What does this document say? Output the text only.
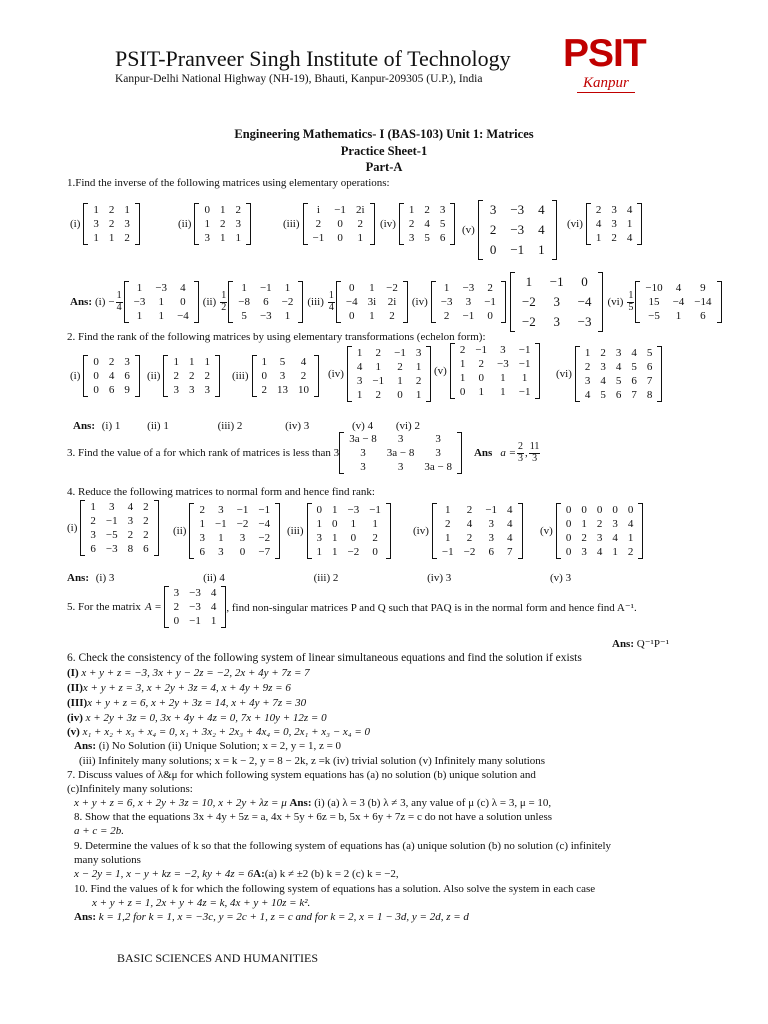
PSIT-Pranveer Singh Institute of Technology
Kanpur-Delhi National Highway (NH-19), Bhauti, Kanpur-209305 (U.P.), India
PSIT
Kanpur
Engineering Mathematics- I (BAS-103) Unit 1: Matrices
Practice Sheet-1
Part-A
1.Find the inverse of the following matrices using elementary operations:
(i)
1	2	1
3	2	3
1	1	2
(ii)
0	1	2
1	2	3
3	1	1
(iii)
i	−1	2i
2	0	2
−1	0	1
(iv)
1	2	3
2	4	5
3	5	6
(v)
3	−3	4
2	−3	4
0	−1	1
(vi)
2	3	4
4	3	1
1	2	4
Ans: $(i) - \frac{1}{4}$
1	−3	4
−3	1	0
1	1	−4
$(ii) \frac{1}{2}$
1	−1	1
−8	6	−2
5	−3	1
$(iii) \frac{1}{4}$
0	1	−2
−4	3i	2i
0	1	2
(iv)
1	−3	2
−3	3	−1
2	−1	0
1	−1	0
−2	3	−4
−2	3	−3
$(vi) \frac{1}{5}$
−10	4	9
15	−4	−14
−5	1	6
2. Find the rank of the following matrices by using elementary transformations (echelon form):
(i)
0	2	3
0	4	6
0	6	9
(ii)
1	1	1
2	2	2
3	3	3
(iii)
1	5	4
0	3	2
2	13	10
(iv)
1	2	−1	3
4	1	2	1
3	−1	1	2
1	2	0	1
(v)
2	−1	3	−1
1	2	−3	−1
1	0	1	1
0	1	1	−1
(vi)
1	2	3	4	5
2	3	4	5	6
3	4	5	6	7
4	5	6	7	8
Ans: (i) 1 (ii) 1	(iii) 2	(iv) 3	(v) 4 (vi) 2
3. Find the value of a for which rank of matrices is less than 3
3a − 8	3	3
3	3a − 8	3
3	3	3a − 8
Ans $a = \frac{2}{3}$ , $\frac{11}{3}$
4. Reduce the following matrices to normal form and hence find rank:
(i)
1	3	4	2
2	−1	3	2
3	−5	2	2
6	−3	8	6
(ii)
2	3	−1	−1
1	−1	−2	−4
3	1	3	−2
6	3	0	−7
(iii)
0	1	−3	−1
1	0	1	1
3	1	0	2
1	1	−2	0
(iv)
1	2	−1	4
2	4	3	4
1	2	3	4
−1	−2	6	7
(v)
0	0	0	0	0
0	1	2	3	4
0	2	3	4	1
0	3	4	1	2
Ans: (i) 3	(ii) 4	(iii) 2	(iv) 3	(v) 3
5. For the matrix A =
3	−3	4
2	−3	4
0	−1	1
, find non-singular matrices P and Q such that PAQ is in the normal form and hence find A⁻¹.
Ans: Q⁻¹P⁻¹
6. Check the consistency of the following system of linear simultaneous equations and find the solution if exists
(I) x + y + z = −3, 3x + y − 2z = −2, 2x + 4y + 7z = 7
(II)x + y + z = 3, x + 2y + 3z = 4, x + 4y + 9z = 6
(III)x + y + z = 6, x + 2y + 3z = 14, x + 4y + 7z = 30
(iv) x + 2y + 3z = 0, 3x + 4y + 4z = 0, 7x + 10y + 12z = 0
(v) x₁ + x₂ + x₃ + x₄ = 0, x₁ + 3x₂ + 2x₃ + 4x₄ = 0, 2x₁ + x₃ − x₄ = 0
Ans: (i) No Solution (ii) Unique Solution; x = 2, y = 1, z = 0
(iii) Infinitely many solutions; x = k − 2, y = 8 − 2k, z =k (iv) trivial solution (v) Infinitely many solutions
7. Discuss values of λ&μ for which following system equations has (a) no solution (b) unique solution and
(c)Infinitely many solutions:
x + y + z = 6, x + 2y + 3z = 10, x + 2y + λz = μ Ans: (i) (a) λ = 3 (b) λ ≠ 3, any value of μ (c) λ = 3, μ = 10,
8. Show that the equations 3x + 4y + 5z = a, 4x + 5y + 6z = b, 5x + 6y + 7z = c do not have a solution unless
a + c = 2b.
9. Determine the values of k so that the following system of equations has (a) unique solution (b) no solution (c) infinitely
many solutions
x − 2y = 1, x − y + kz = −2, ky + 4z = 6A:(a) k ≠ ±2 (b) k = 2 (c) k = −2,
10. Find the values of k for which the following system of equations has a solution. Also solve the system in each case
x + y + z = 1, 2x + y + 4z = k, 4x + y + 10z = k².
Ans: k = 1,2 for k = 1, x = −3c, y = 2c + 1, z = c and for k = 2, x = 1 − 3d, y = 2d, z = d
BASIC SCIENCES AND HUMANITIES
